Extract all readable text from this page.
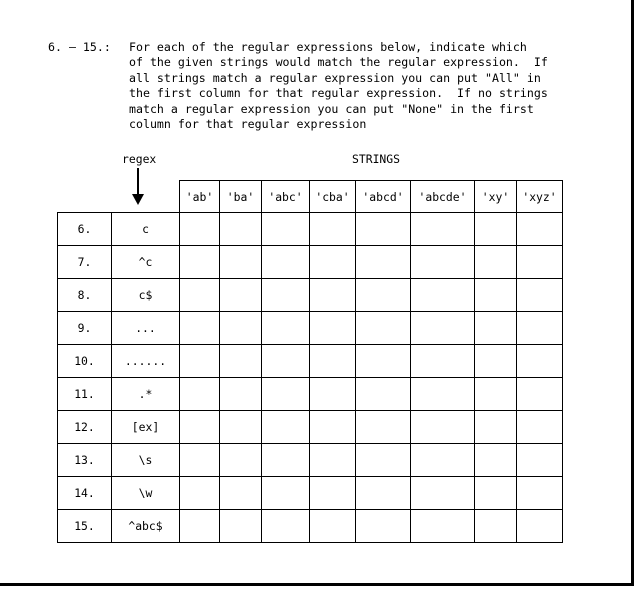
6. – 15.: For each of the regular expressions below, indicate which
of the given strings would match the regular expression.  If
all strings match a regular expression you can put "All" in
the first column for that regular expression.  If no strings
match a regular expression you can put "None" in the first
column for that regular expression
regex	STRINGS
		'ab'	'ba'	'abc'	'cba'	'abcd'	'abcde'	'xy'	'xyz'
6.	c								
7.	^c								
8.	c$								
9.	...								
10.	......								
11.	.*								
12.	[ex]								
13.	\s								
14.	\w								
15.	^abc$								
